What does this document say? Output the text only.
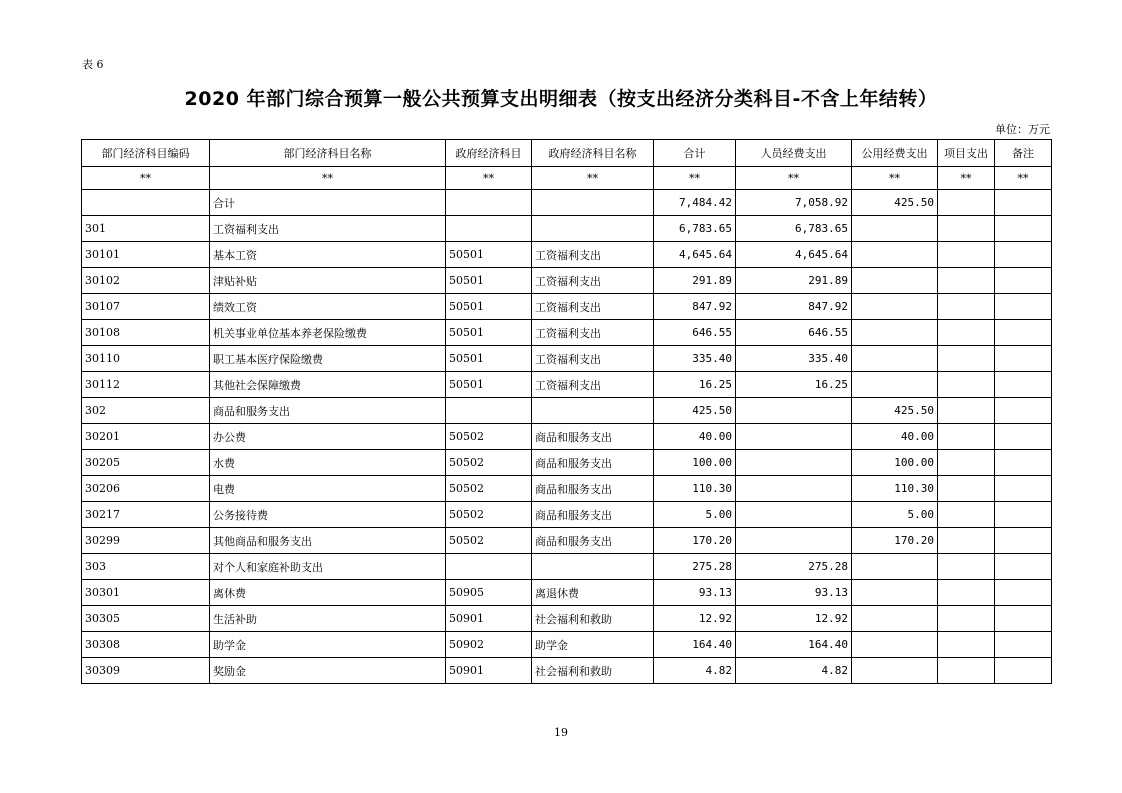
表 6
2020 年部门综合预算一般公共预算支出明细表（按支出经济分类科目-不含上年结转）
单位：万元
部门经济科目编码	部门经济科目名称	政府经济科目	政府经济科目名称	合计	人员经费支出	公用经费支出	项目支出	备注
**	**	**	**	**	**	**	**	**
	合计			7,484.42	7,058.92	425.50		
301	工资福利支出			6,783.65	6,783.65			
30101	基本工资	50501	工资福利支出	4,645.64	4,645.64			
30102	津贴补贴	50501	工资福利支出	291.89	291.89			
30107	绩效工资	50501	工资福利支出	847.92	847.92			
30108	机关事业单位基本养老保险缴费	50501	工资福利支出	646.55	646.55			
30110	职工基本医疗保险缴费	50501	工资福利支出	335.40	335.40			
30112	其他社会保障缴费	50501	工资福利支出	16.25	16.25			
302	商品和服务支出			425.50		425.50		
30201	办公费	50502	商品和服务支出	40.00		40.00		
30205	水费	50502	商品和服务支出	100.00		100.00		
30206	电费	50502	商品和服务支出	110.30		110.30		
30217	公务接待费	50502	商品和服务支出	5.00		5.00		
30299	其他商品和服务支出	50502	商品和服务支出	170.20		170.20		
303	对个人和家庭补助支出			275.28	275.28			
30301	离休费	50905	离退休费	93.13	93.13			
30305	生活补助	50901	社会福利和救助	12.92	12.92			
30308	助学金	50902	助学金	164.40	164.40			
30309	奖励金	50901	社会福利和救助	4.82	4.82			
19
